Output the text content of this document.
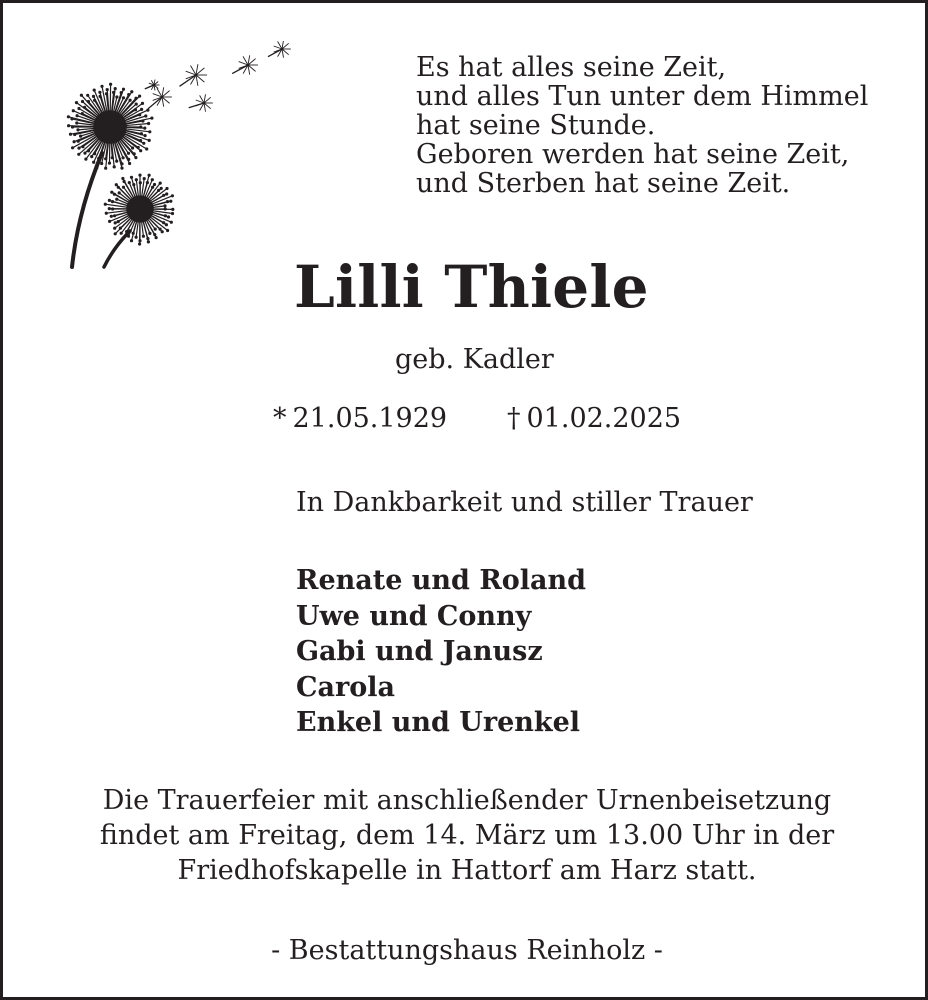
Es hat alles seine Zeit,
und alles Tun unter dem Himmel
hat seine Stunde.
Geboren werden hat seine Zeit,
und Sterben hat seine Zeit.
Lilli Thiele
geb. Kadler
* 21.05.1929 † 01.02.2025
In Dankbarkeit und stiller Trauer
Renate und Roland
Uwe und Conny
Gabi und Janusz
Carola
Enkel und Urenkel
Die Trauerfeier mit anschließender Urnenbeisetzung
findet am Freitag, dem 14. März um 13.00 Uhr in der
Friedhofskapelle in Hattorf am Harz statt.
- Bestattungshaus Reinholz -
